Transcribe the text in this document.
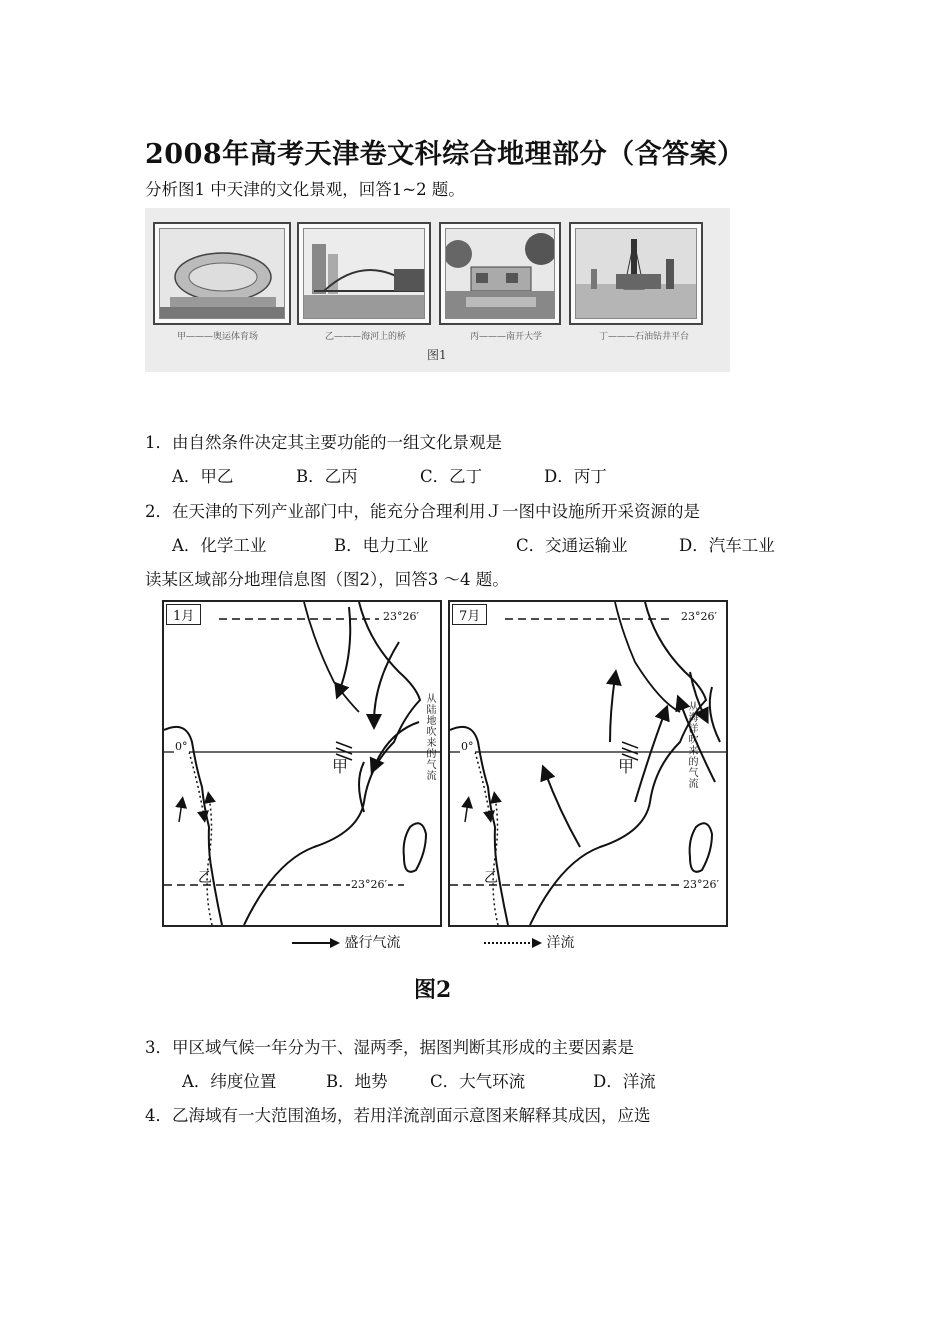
2008年高考天津卷文科综合地理部分（含答案）
分析图1 中天津的文化景观，回答1~2 题。
甲———奥运体育场	乙———海河上的桥	丙———南开大学	丁———石油钻井平台
图1
1．由自然条件决定其主要功能的一组文化景观是
A．甲乙	B．乙丙	C．乙丁	D．丙丁
2．在天津的下列产业部门中，能充分合理利用Ｊ一图中设施所开采资源的是
A．化学工业	B．电力工业	C．交通运输业	D．汽车工业
读某区域部分地理信息图（图2），回答3 ～4 题。
1月	23°26′
0°
23°26′
甲
乙
从陆地吹来的气流
7月	23°26′
0°
23°26′
甲
乙
从海洋吹来的气流
盛行气流	洋流
图2
3．甲区域气候一年分为干、湿两季，据图判断其形成的主要因素是
A．纬度位置	B．地势	C．大气环流	D．洋流
4．乙海域有一大范围渔场，若用洋流剖面示意图来解释其成因，应选
